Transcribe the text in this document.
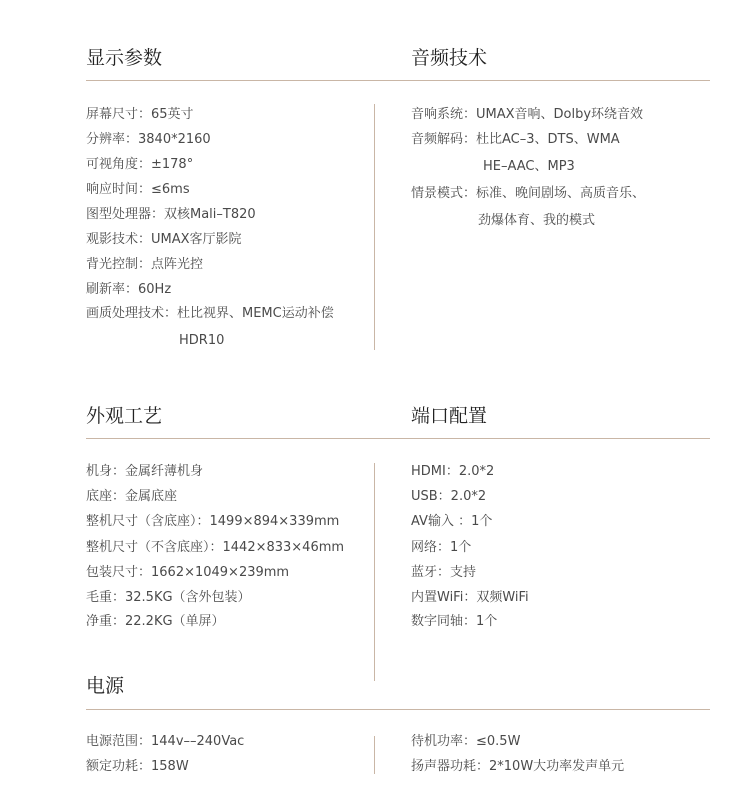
显示参数	音频技术
屏幕尺寸：65英寸
分辨率：3840*2160
可视角度：±178°
响应时间：≤6ms
图型处理器：双核Mali–T820
观影技术：UMAX客厅影院
背光控制：点阵光控
刷新率：60Hz
画质处理技术：杜比视界、MEMC运动补偿
HDR10
音响系统：UMAX音响、Dolby环绕音效
音频解码：杜比AC–3、DTS、WMA
HE–AAC、MP3
情景模式：标准、晚间剧场、高质音乐、
劲爆体育、我的模式
外观工艺	端口配置
机身：金属纤薄机身
底座：金属底座
整机尺寸（含底座）：1499×894×339mm
整机尺寸（不含底座）：1442×833×46mm
包装尺寸：1662×1049×239mm
毛重：32.5KG（含外包装）
净重：22.2KG（单屏）
HDMI：2.0*2
USB：2.0*2
AV输入 ：1个
网络：1个
蓝牙：支持
内置WiFi：双频WiFi
数字同轴：1个
电源
电源范围：144v––240Vac
额定功耗：158W
待机功率：≤0.5W
扬声器功耗：2*10W大功率发声单元
